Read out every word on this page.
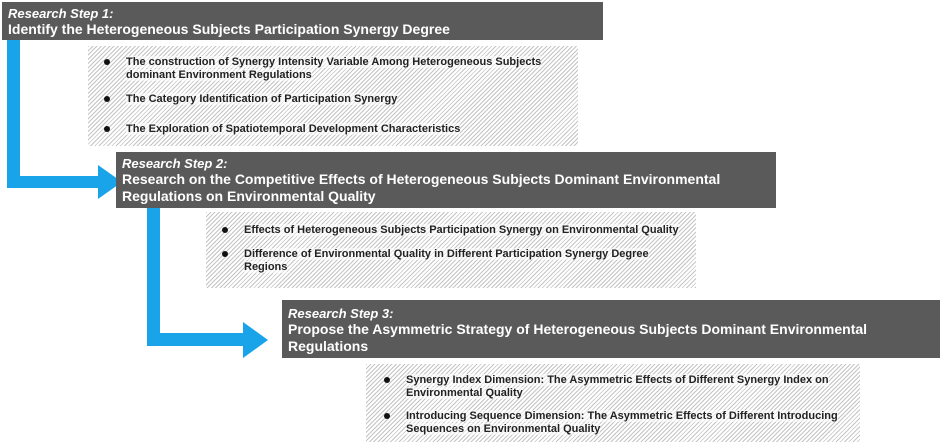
Research Step 1:
Identify the Heterogeneous Subjects Participation Synergy Degree
The construction of Synergy Intensity Variable Among Heterogeneous Subjects dominant Environment Regulations
The Category Identification of Participation Synergy
The Exploration of Spatiotemporal Development Characteristics
Research Step 2:
Research on the Competitive Effects of Heterogeneous Subjects Dominant Environmental Regulations on Environmental Quality
Effects of Heterogeneous Subjects Participation Synergy on Environmental Quality
Difference of Environmental Quality in Different Participation Synergy Degree Regions
Research Step 3:
Propose the Asymmetric Strategy of Heterogeneous Subjects Dominant Environmental Regulations
Synergy Index Dimension: The Asymmetric Effects of Different Synergy Index on Environmental Quality
Introducing Sequence Dimension: The Asymmetric Effects of Different Introducing Sequences on Environmental Quality
